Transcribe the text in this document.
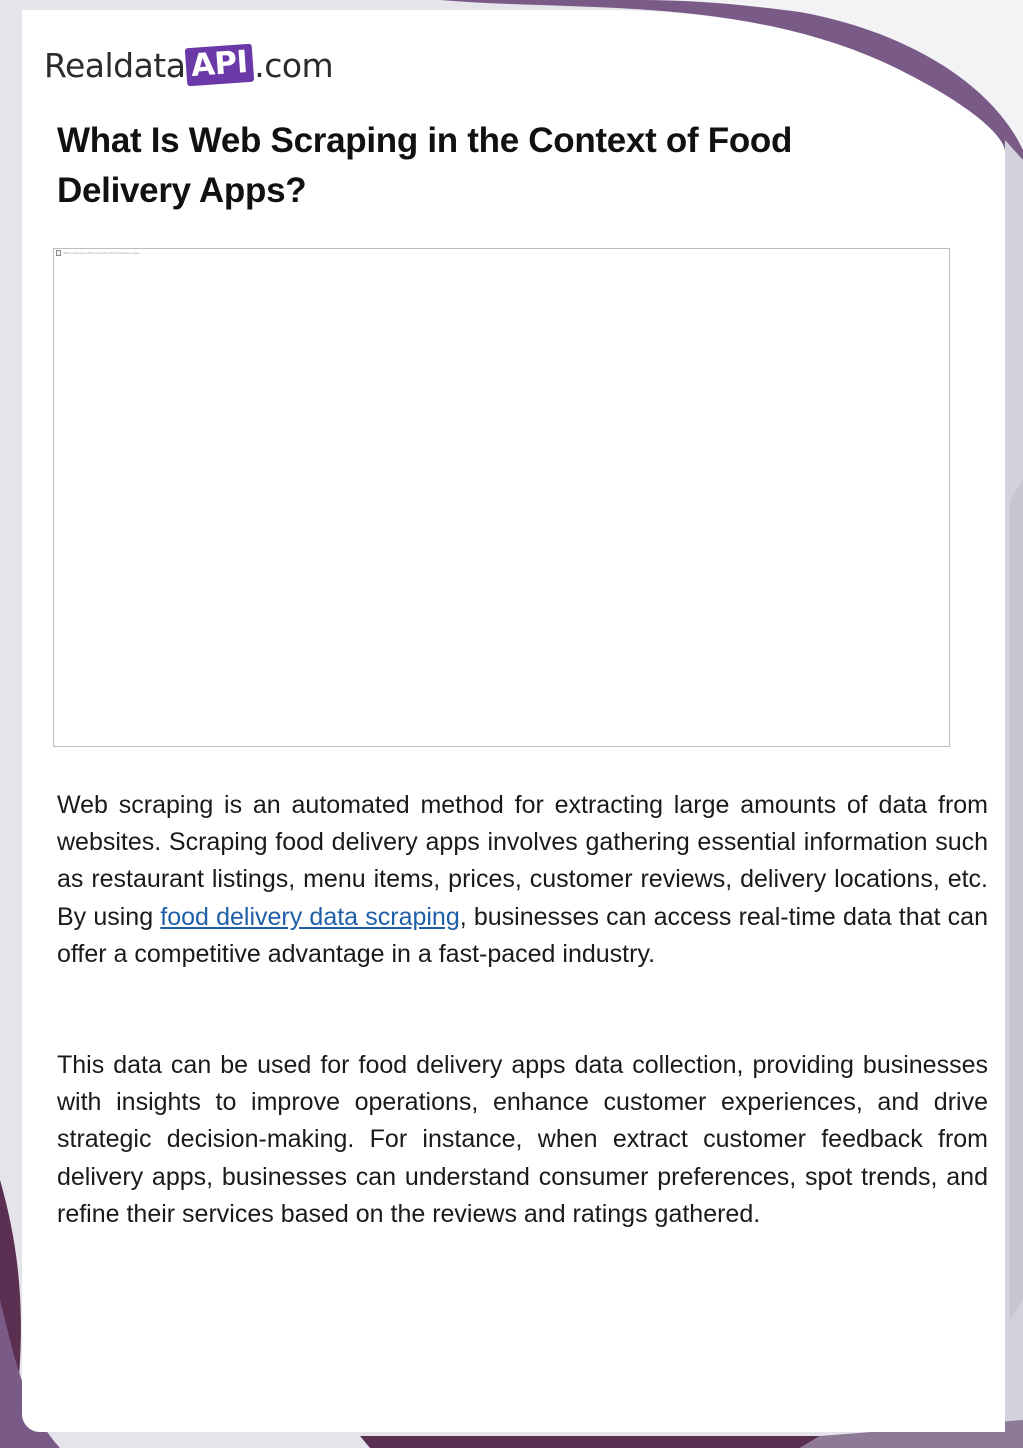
Realdata API .com
What Is Web Scraping in the Context of Food Delivery Apps?
Web Scraping in the Context of Food Delivery Apps

Web scraping is an automated method for extracting large amounts of data from websites. Scraping food delivery apps involves gathering essential information such as restaurant listings, menu items, prices, customer reviews, delivery locations, etc. By using food delivery data scraping, businesses can access real-time data that can offer a competitive advantage in a fast-paced industry.

This data can be used for food delivery apps data collection, providing businesses with insights to improve operations, enhance customer experiences, and drive strategic decision-making. For instance, when extract customer feedback from delivery apps, businesses can understand consumer preferences, spot trends, and refine their services based on the reviews and ratings gathered.
